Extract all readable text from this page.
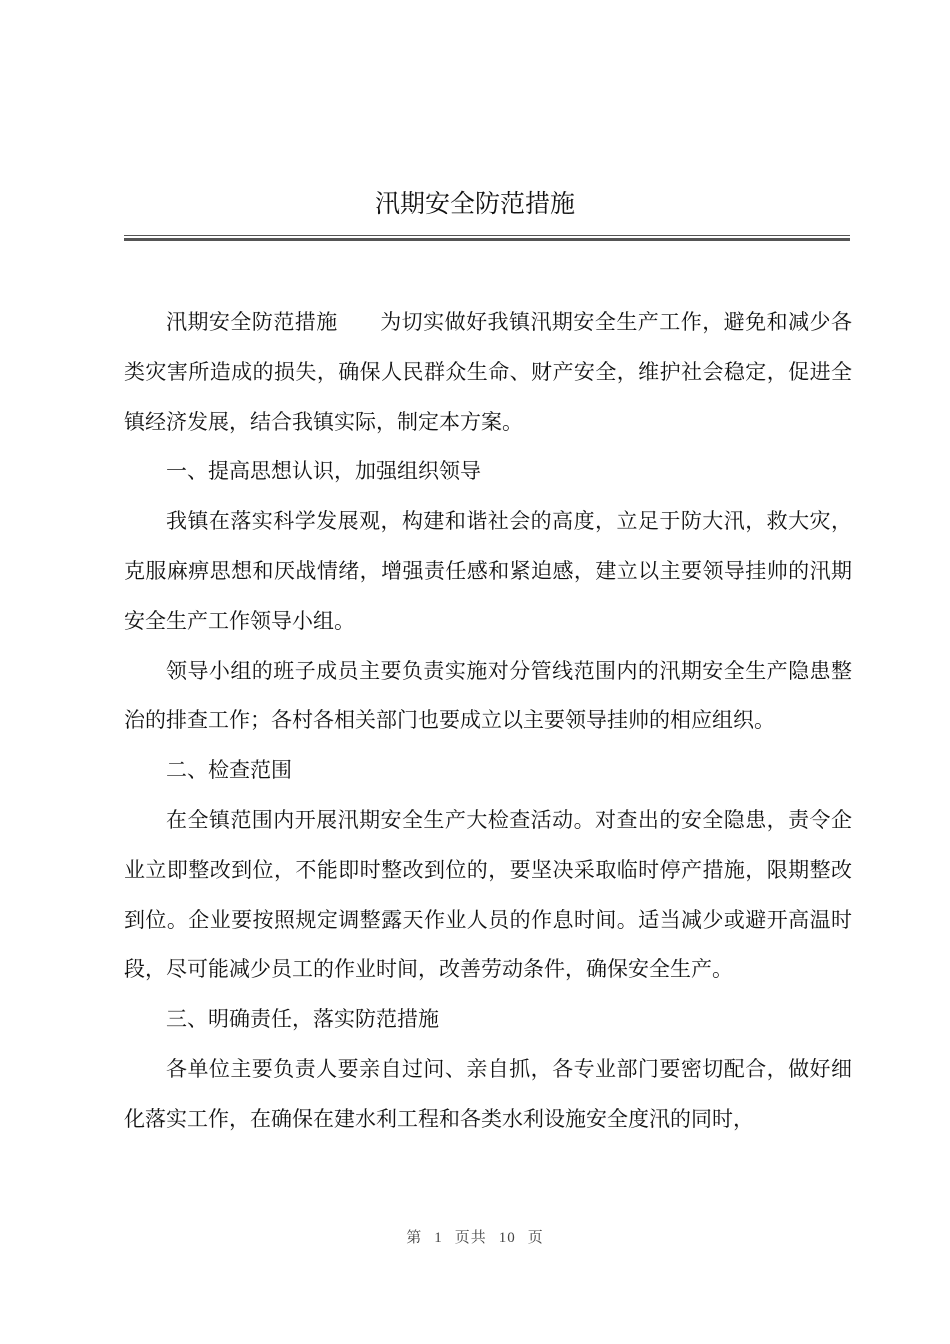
汛期安全防范措施

汛期安全防范措施 为切实做好我镇汛期安全生产工作，避免和减少各类灾害所造成的损失，确保人民群众生命、财产安全，维护社会稳定，促进全镇经济发展，结合我镇实际，制定本方案。

一、提高思想认识，加强组织领导

我镇在落实科学发展观，构建和谐社会的高度，立足于防大汛，救大灾，克服麻痹思想和厌战情绪，增强责任感和紧迫感，建立以主要领导挂帅的汛期安全生产工作领导小组。

领导小组的班子成员主要负责实施对分管线范围内的汛期安全生产隐患整治的排查工作；各村各相关部门也要成立以主要领导挂帅的相应组织。

二、检查范围

在全镇范围内开展汛期安全生产大检查活动。对查出的安全隐患，责令企业立即整改到位，不能即时整改到位的，要坚决采取临时停产措施，限期整改到位。企业要按照规定调整露天作业人员的作息时间。适当减少或避开高温时段，尽可能减少员工的作业时间，改善劳动条件，确保安全生产。

三、明确责任，落实防范措施

各单位主要负责人要亲自过问、亲自抓，各专业部门要密切配合，做好细化落实工作，在确保在建水利工程和各类水利设施安全度汛的同时，

第 1 页共 10 页
